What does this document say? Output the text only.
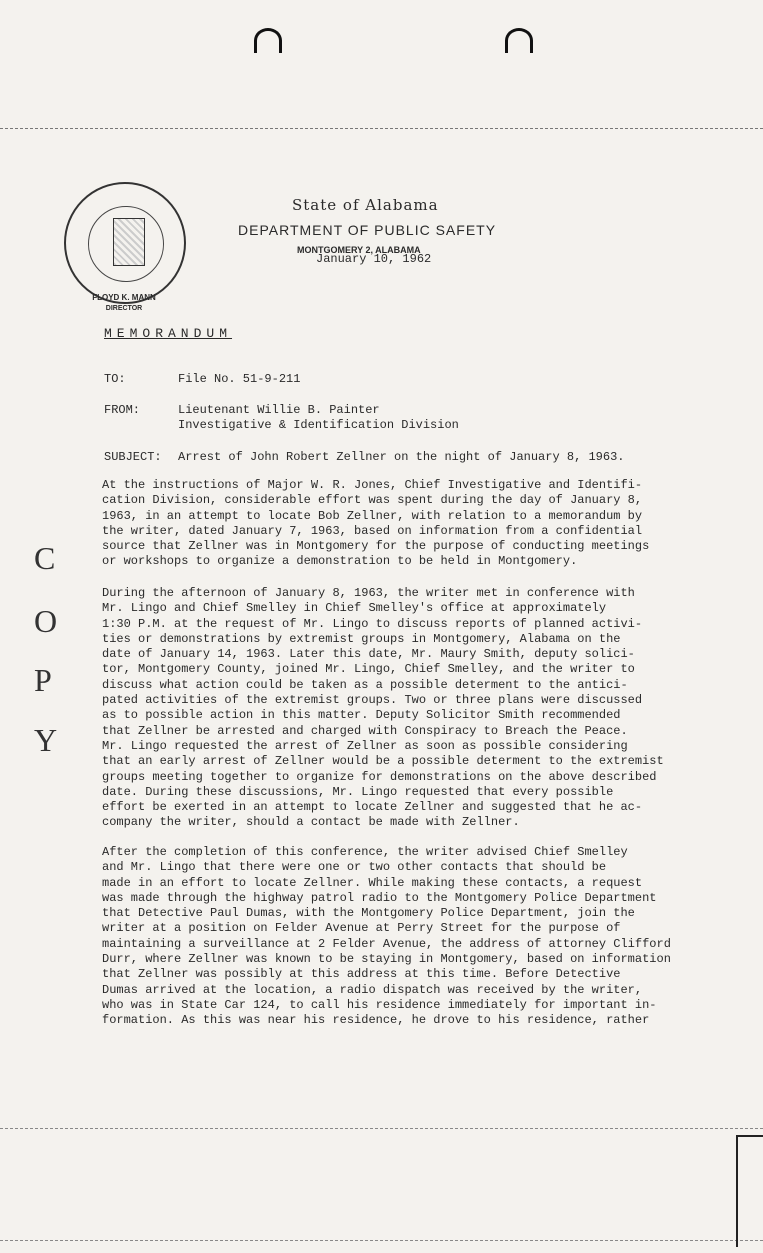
FLOYD K. MANN
DIRECTOR
State of Alabama
DEPARTMENT OF PUBLIC SAFETY
MONTGOMERY 2, ALABAMA
January 10, 1962
MEMORANDUM
TO:	File No. 51-9-211
FROM:	Lieutenant Willie B. Painter
Investigative & Identification Division
SUBJECT: Arrest of John Robert Zellner on the night of January 8, 1963.
At the instructions of Major W. R. Jones, Chief Investigative and Identifi-
cation Division, considerable effort was spent during the day of January 8,
1963, in an attempt to locate Bob Zellner, with relation to a memorandum by
the writer, dated January 7, 1963, based on information from a confidential
source that Zellner was in Montgomery for the purpose of conducting meetings
or workshops to organize a demonstration to be held in Montgomery.
During the afternoon of January 8, 1963, the writer met in conference with
Mr. Lingo and Chief Smelley in Chief Smelley's office at approximately
1:30 P.M. at the request of Mr. Lingo to discuss reports of planned activi-
ties or demonstrations by extremist groups in Montgomery, Alabama on the
date of January 14, 1963. Later this date, Mr. Maury Smith, deputy solici-
tor, Montgomery County, joined Mr. Lingo, Chief Smelley, and the writer to
discuss what action could be taken as a possible determent to the antici-
pated activities of the extremist groups. Two or three plans were discussed
as to possible action in this matter. Deputy Solicitor Smith recommended
that Zellner be arrested and charged with Conspiracy to Breach the Peace.
Mr. Lingo requested the arrest of Zellner as soon as possible considering
that an early arrest of Zellner would be a possible determent to the extremist
groups meeting together to organize for demonstrations on the above described
date. During these discussions, Mr. Lingo requested that every possible
effort be exerted in an attempt to locate Zellner and suggested that he ac-
company the writer, should a contact be made with Zellner.
After the completion of this conference, the writer advised Chief Smelley
and Mr. Lingo that there were one or two other contacts that should be
made in an effort to locate Zellner. While making these contacts, a request
was made through the highway patrol radio to the Montgomery Police Department
that Detective Paul Dumas, with the Montgomery Police Department, join the
writer at a position on Felder Avenue at Perry Street for the purpose of
maintaining a surveillance at 2 Felder Avenue, the address of attorney Clifford
Durr, where Zellner was known to be staying in Montgomery, based on information
that Zellner was possibly at this address at this time. Before Detective
Dumas arrived at the location, a radio dispatch was received by the writer,
who was in State Car 124, to call his residence immediately for important in-
formation. As this was near his residence, he drove to his residence, rather
C
O
P
Y
